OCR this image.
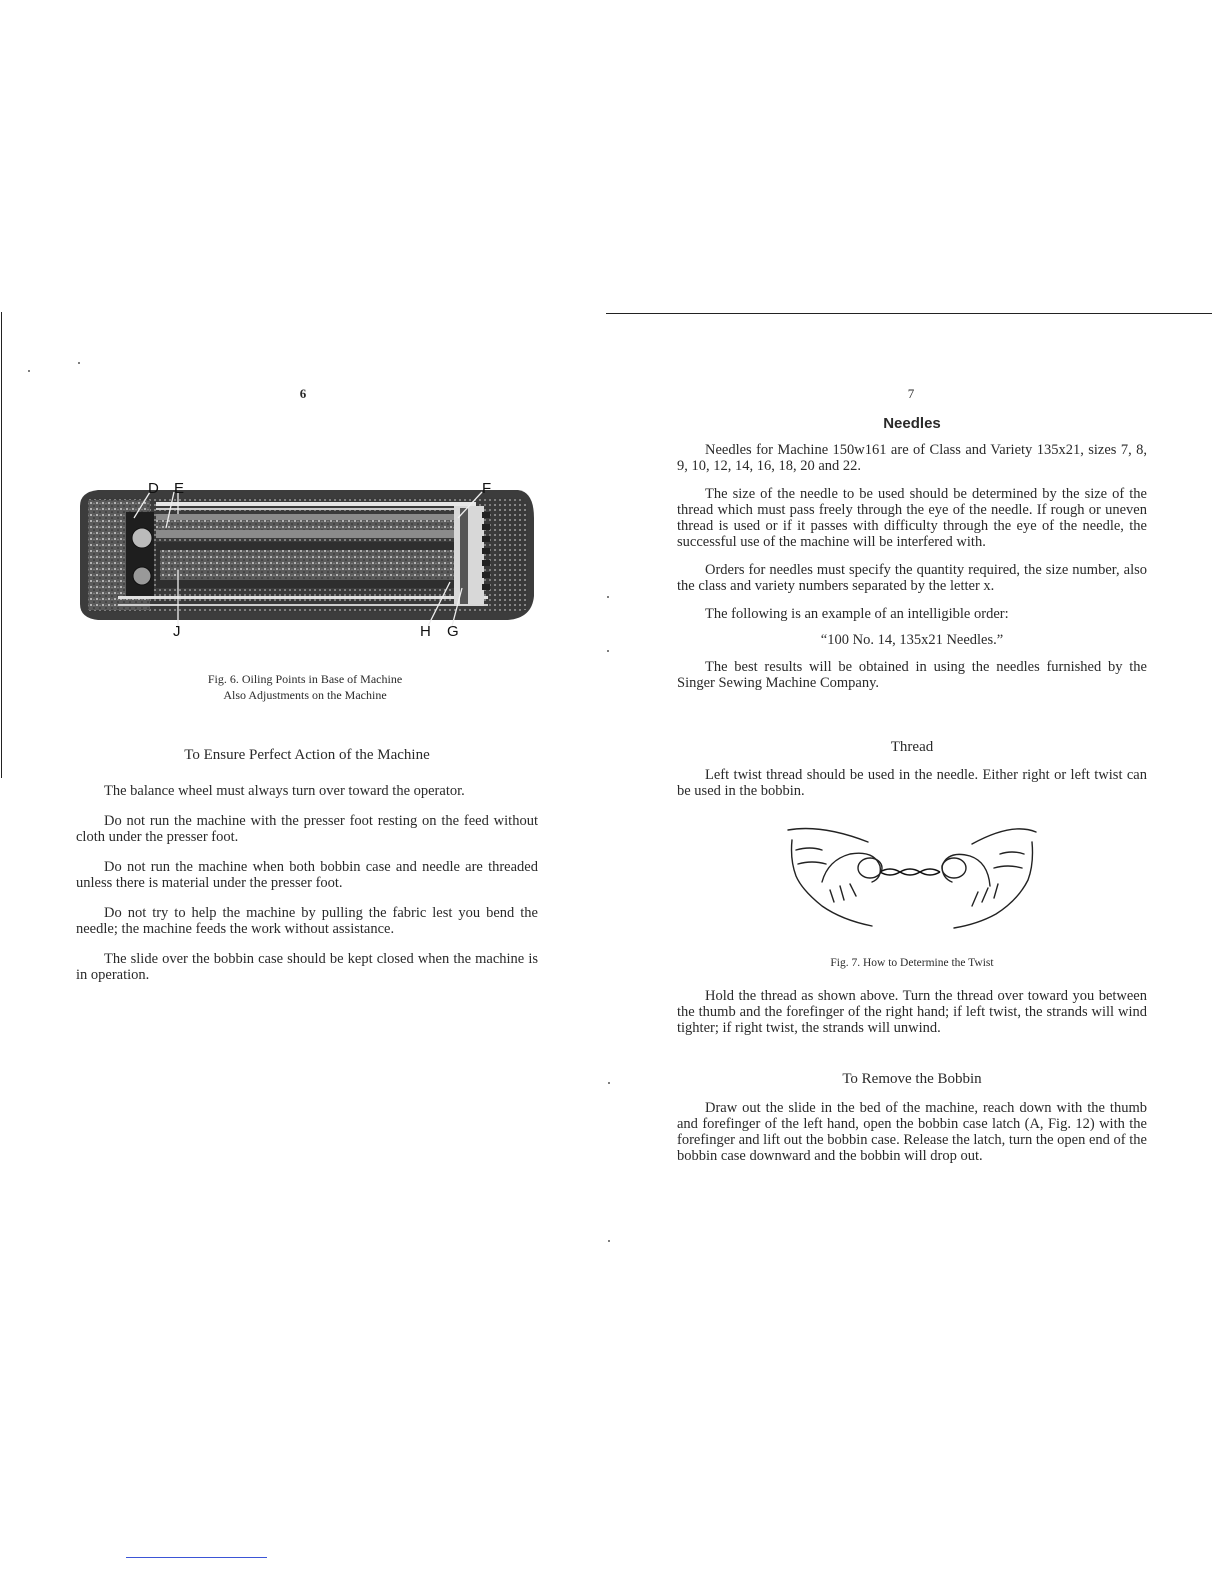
6
D E	F
J	H G
Fig. 6. Oiling Points in Base of Machine
Also Adjustments on the Machine
To Ensure Perfect Action of the Machine

The balance wheel must always turn over toward the operator.

Do not run the machine with the presser foot resting on the feed without cloth under the presser foot.

Do not run the machine when both bobbin case and needle are threaded unless there is material under the presser foot.

Do not try to help the machine by pulling the fabric lest you bend the needle; the machine feeds the work without assistance.

The slide over the bobbin case should be kept closed when the machine is in operation.

7
Needles

Needles for Machine 150w161 are of Class and Variety 135x21, sizes 7, 8, 9, 10, 12, 14, 16, 18, 20 and 22.

The size of the needle to be used should be determined by the size of the thread which must pass freely through the eye of the needle. If rough or uneven thread is used or if it passes with difficulty through the eye of the needle, the successful use of the machine will be interfered with.

Orders for needles must specify the quantity required, the size number, also the class and variety numbers separated by the letter x.

The following is an example of an intelligible order:

“100 No. 14, 135x21 Needles.”

The best results will be obtained in using the needles furnished by the Singer Sewing Machine Company.

Thread

Left twist thread should be used in the needle. Either right or left twist can be used in the bobbin.

Fig. 7. How to Determine the Twist

Hold the thread as shown above. Turn the thread over toward you between the thumb and the forefinger of the right hand; if left twist, the strands will wind tighter; if right twist, the strands will unwind.

To Remove the Bobbin

Draw out the slide in the bed of the machine, reach down with the thumb and forefinger of the left hand, open the bobbin case latch (A, Fig. 12) with the forefinger and lift out the bobbin case. Release the latch, turn the open end of the bobbin case downward and the bobbin will drop out.
